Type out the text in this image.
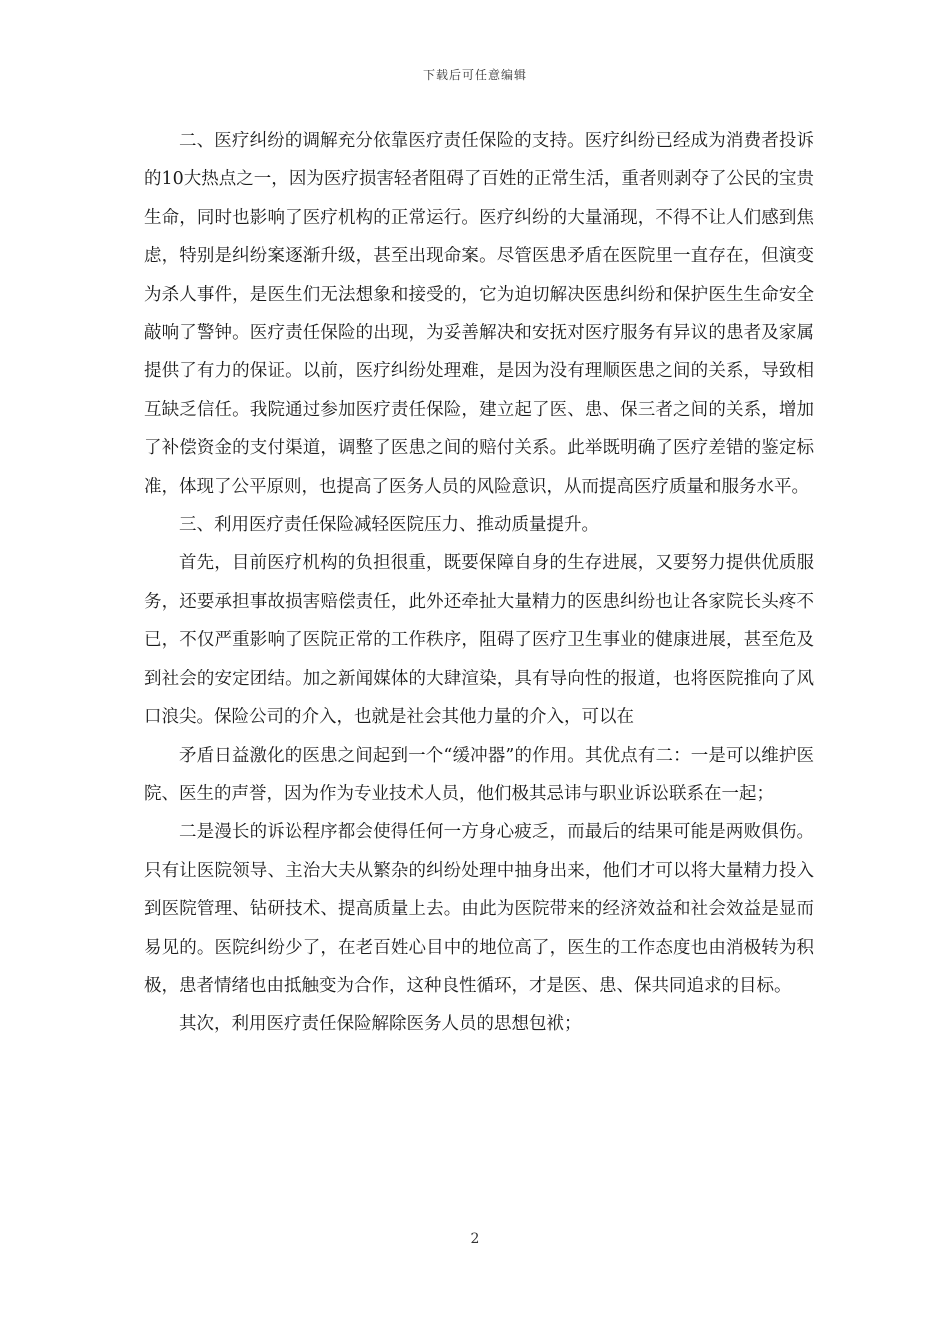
下载后可任意编辑

二、医疗纠纷的调解充分依靠医疗责任保险的支持。医疗纠纷已经成为消费者投诉的10大热点之一，因为医疗损害轻者阻碍了百姓的正常生活，重者则剥夺了公民的宝贵生命，同时也影响了医疗机构的正常运行。医疗纠纷的大量涌现，不得不让人们感到焦虑，特别是纠纷案逐渐升级，甚至出现命案。尽管医患矛盾在医院里一直存在，但演变为杀人事件，是医生们无法想象和接受的，它为迫切解决医患纠纷和保护医生生命安全敲响了警钟。医疗责任保险的出现，为妥善解决和安抚对医疗服务有异议的患者及家属提供了有力的保证。以前，医疗纠纷处理难，是因为没有理顺医患之间的关系，导致相互缺乏信任。我院通过参加医疗责任保险，建立起了医、患、保三者之间的关系，增加了补偿资金的支付渠道，调整了医患之间的赔付关系。此举既明确了医疗差错的鉴定标准，体现了公平原则，也提高了医务人员的风险意识，从而提高医疗质量和服务水平。

三、利用医疗责任保险减轻医院压力、推动质量提升。

首先，目前医疗机构的负担很重，既要保障自身的生存进展，又要努力提供优质服务，还要承担事故损害赔偿责任，此外还牵扯大量精力的医患纠纷也让各家院长头疼不已，不仅严重影响了医院正常的工作秩序，阻碍了医疗卫生事业的健康进展，甚至危及到社会的安定团结。加之新闻媒体的大肆渲染，具有导向性的报道，也将医院推向了风口浪尖。保险公司的介入，也就是社会其他力量的介入，可以在

矛盾日益激化的医患之间起到一个“缓冲器”的作用。其优点有二：一是可以维护医院、医生的声誉，因为作为专业技术人员，他们极其忌讳与职业诉讼联系在一起；

二是漫长的诉讼程序都会使得任何一方身心疲乏，而最后的结果可能是两败俱伤。只有让医院领导、主治大夫从繁杂的纠纷处理中抽身出来，他们才可以将大量精力投入到医院管理、钻研技术、提高质量上去。由此为医院带来的经济效益和社会效益是显而易见的。医院纠纷少了，在老百姓心目中的地位高了，医生的工作态度也由消极转为积极，患者情绪也由抵触变为合作，这种良性循环，才是医、患、保共同追求的目标。

其次，利用医疗责任保险解除医务人员的思想包袱；

2
